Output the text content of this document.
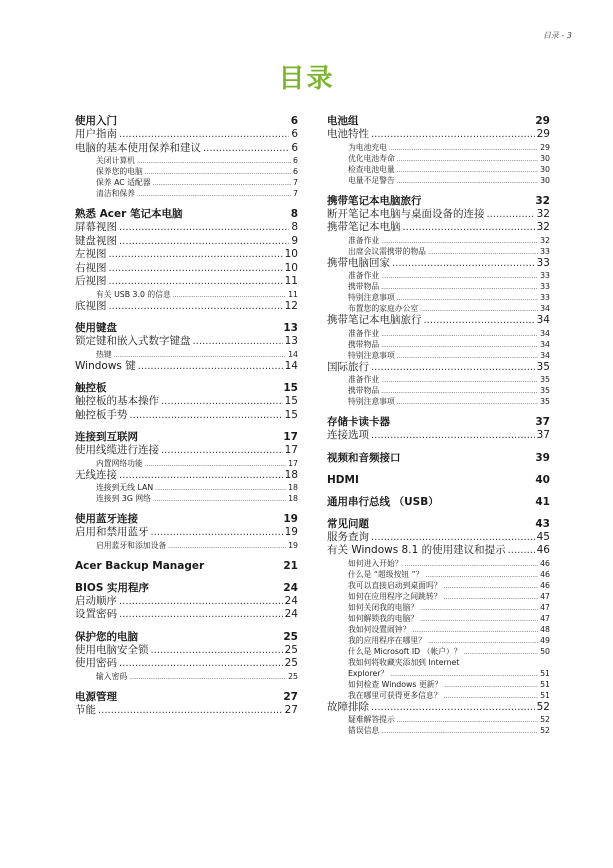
目录 - 3
目录
使用入门	6
用户指南 .....	6
电脑的基本使用保养和建议 .....	6
关闭计算机 .....	6
保养您的电脑 .....	6
保养 AC 适配器 .....	7
清洁和保养 .....	7
熟悉 Acer 笔记本电脑	8
屏幕视图 .....	8
键盘视图 .....	9
左视图 .....	10
右视图 .....	10
后视图 .....	11
有关 USB 3.0 的信息 .....	11
底视图 .....	12
使用键盘	13
锁定键和嵌入式数字键盘 .....	13
热键 .....	14
Windows 键 .....	14
触控板	15
触控板的基本操作 .....	15
触控板手势 .....	15
连接到互联网	17
使用线缆进行连接 .....	17
内置网络功能 .....	17
无线连接 .....	18
连接到无线 LAN .....	18
连接到 3G 网络 .....	18
使用蓝牙连接	19
启用和禁用蓝牙 .....	19
启用蓝牙和添加设备 .....	19
Acer Backup Manager	21
BIOS 实用程序	24
启动顺序 .....	24
设置密码 .....	24
保护您的电脑	25
使用电脑安全锁 .....	25
使用密码 .....	25
输入密码 .....	25
电源管理	27
节能 .....	27
电池组	29
电池特性 .....	29
为电池充电 .....	29
优化电池寿命 .....	30
检查电池电量 .....	30
电量不足警告 .....	30
携带笔记本电脑旅行	32
断开笔记本电脑与桌面设备的连接 .....	32
携带笔记本电脑 .....	32
准备作业 .....	32
出席会议需携带的物品 .....	33
携带电脑回家 .....	33
准备作业 .....	33
携带物品 .....	33
特别注意事项 .....	33
布置您的家庭办公室 .....	34
携带笔记本电脑旅行 .....	34
准备作业 .....	34
携带物品 .....	34
特别注意事项 .....	34
国际旅行 .....	35
准备作业 .....	35
携带物品 .....	35
特别注意事项 .....	35
存储卡读卡器	37
连接选项 .....	37
视频和音频接口	39
HDMI	40
通用串行总线 （USB）	41
常见问题	43
服务查询 .....	45
有关 Windows 8.1 的使用建议和提示 .....	46
如何进入开始？ .....	46
什么是 “超级按钮 ”？ .....	46
我可以直接启动到桌面吗？ .....	46
如何在应用程序之间跳转？ .....	47
如何关闭我的电脑？ .....	47
如何解锁我的电脑？ .....	47
我如何设置闹钟？ .....	48
我的应用程序在哪里？ .....	49
什么是 Microsoft ID （帐户）？ .....	50
我如何将收藏夹添加到 Internet
Explorer？ .....	51
如何检查 Windows 更新？ .....	51
我在哪里可获得更多信息？ .....	51
故障排除 .....	52
疑难解答提示 .....	52
错误信息 .....	52
